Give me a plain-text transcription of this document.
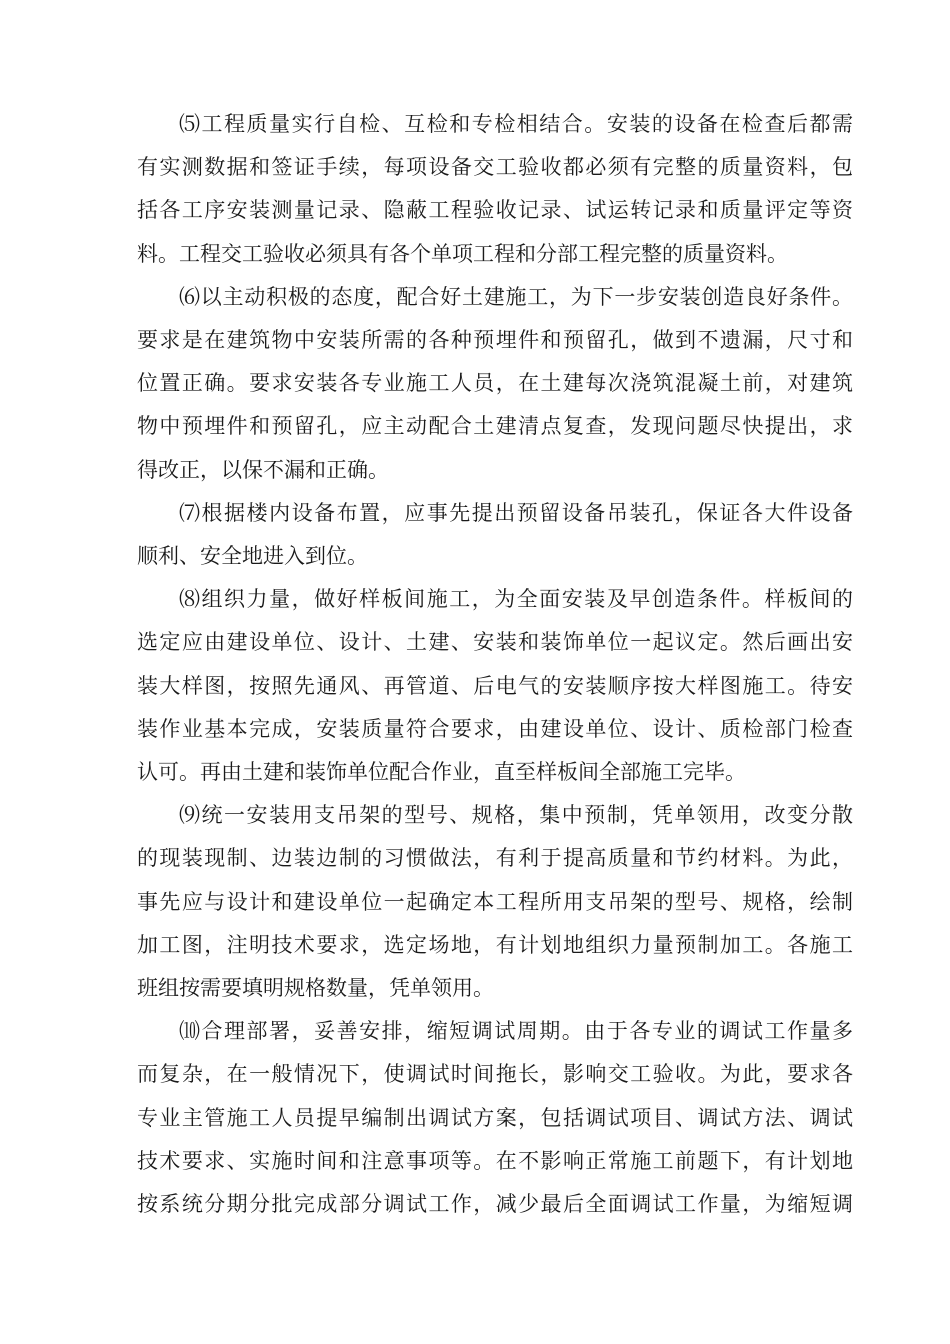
⑸工程质量实行自检、互检和专检相结合。安装的设备在检查后都需
有实测数据和签证手续，每项设备交工验收都必须有完整的质量资料，包
括各工序安装测量记录、隐蔽工程验收记录、试运转记录和质量评定等资
料。工程交工验收必须具有各个单项工程和分部工程完整的质量资料。

⑹以主动积极的态度，配合好土建施工，为下一步安装创造良好条件。
要求是在建筑物中安装所需的各种预埋件和预留孔，做到不遗漏，尺寸和
位置正确。要求安装各专业施工人员，在土建每次浇筑混凝土前，对建筑
物中预埋件和预留孔，应主动配合土建清点复查，发现问题尽快提出，求
得改正，以保不漏和正确。

⑺根据楼内设备布置，应事先提出预留设备吊装孔，保证各大件设备
顺利、安全地进入到位。

⑻组织力量，做好样板间施工，为全面安装及早创造条件。样板间的
选定应由建设单位、设计、土建、安装和装饰单位一起议定。然后画出安
装大样图，按照先通风、再管道、后电气的安装顺序按大样图施工。待安
装作业基本完成，安装质量符合要求，由建设单位、设计、质检部门检查
认可。再由土建和装饰单位配合作业，直至样板间全部施工完毕。

⑼统一安装用支吊架的型号、规格，集中预制，凭单领用，改变分散
的现装现制、边装边制的习惯做法，有利于提高质量和节约材料。为此，
事先应与设计和建设单位一起确定本工程所用支吊架的型号、规格，绘制
加工图，注明技术要求，选定场地，有计划地组织力量预制加工。各施工
班组按需要填明规格数量，凭单领用。

⑽合理部署，妥善安排，缩短调试周期。由于各专业的调试工作量多
而复杂，在一般情况下，使调试时间拖长，影响交工验收。为此，要求各
专业主管施工人员提早编制出调试方案，包括调试项目、调试方法、调试
技术要求、实施时间和注意事项等。在不影响正常施工前题下，有计划地
按系统分期分批完成部分调试工作，减少最后全面调试工作量，为缩短调
